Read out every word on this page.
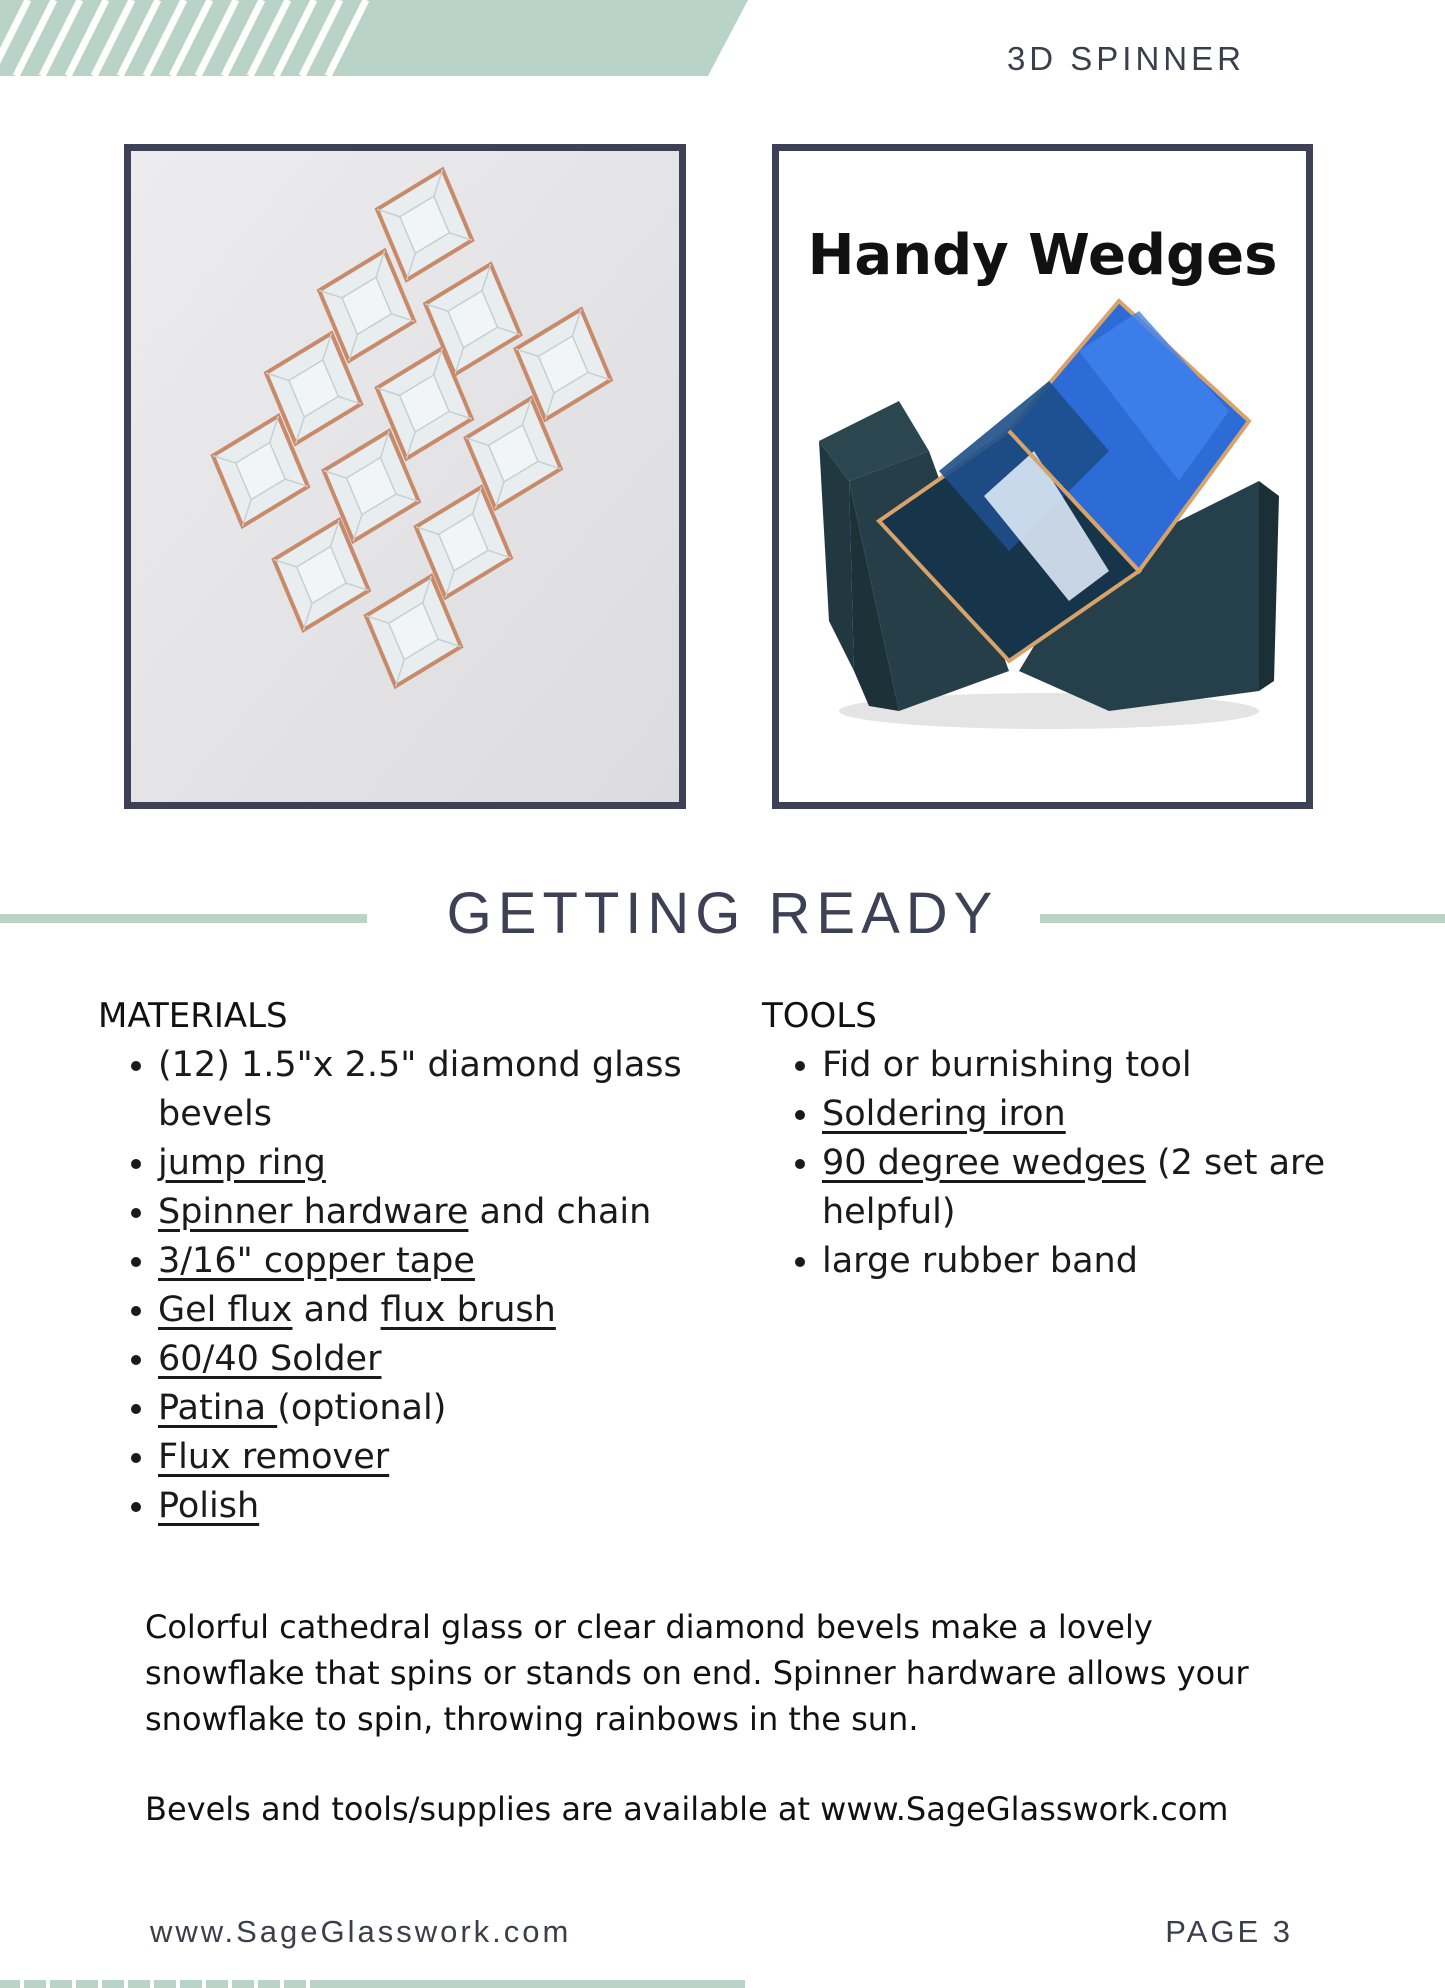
3D SPINNER
Handy Wedges
GETTING READY
MATERIALS
• (12) 1.5"x 2.5" diamond glass bevels
• jump ring
• Spinner hardware and chain
• 3/16" copper tape
• Gel flux and flux brush
• 60/40 Solder
• Patina (optional)
• Flux remover
• Polish
TOOLS
• Fid or burnishing tool
• Soldering iron
• 90 degree wedges (2 set are helpful)
• large rubber band
Colorful cathedral glass or clear diamond bevels make a lovely snowflake that spins or stands on end. Spinner hardware allows your snowflake to spin, throwing rainbows in the sun.
Bevels and tools/supplies are available at www.SageGlasswork.com
www.SageGlasswork.com	PAGE 3
